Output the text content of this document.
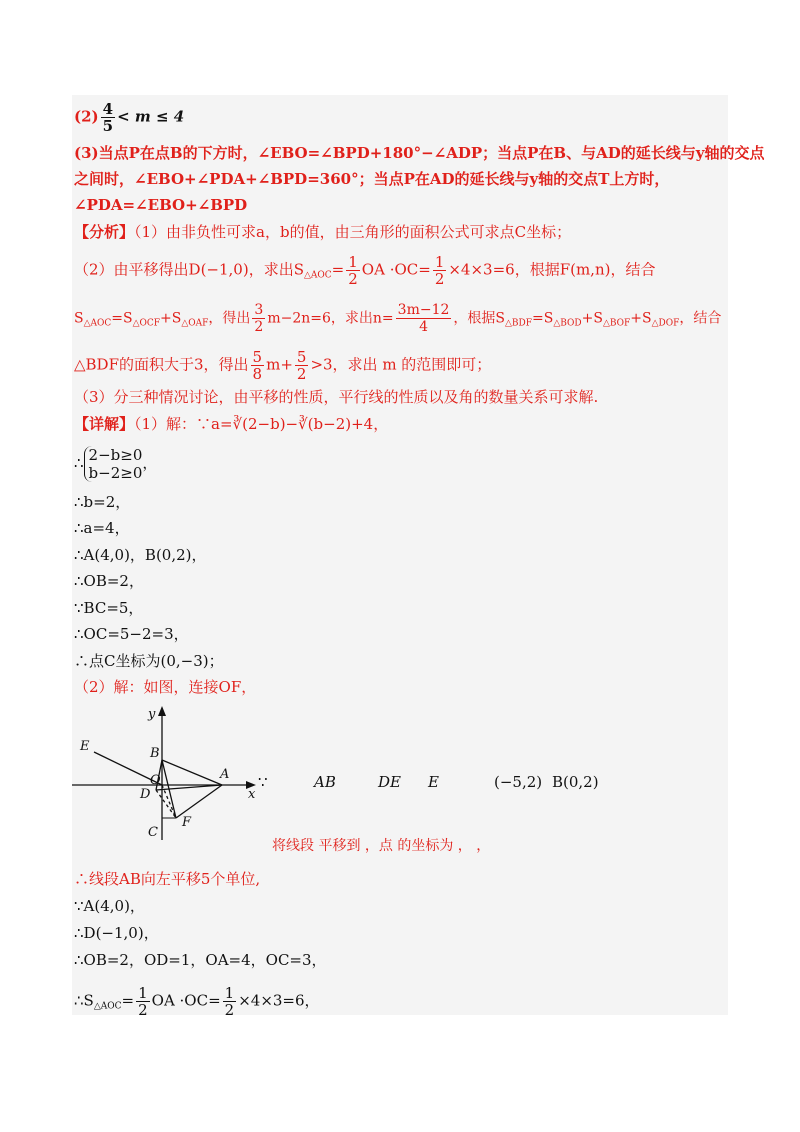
$(2) \frac{4}{5} < m \le 4$
(3)当点P在点B的下方时，∠EBO=∠BPD+180°−∠ADP；当点P在B、与AD的延长线与y轴的交点
之间时，∠EBO+∠PDA+∠BPD=360°；当点P在AD的延长线与y轴的交点T上方时，
∠PDA=∠EBO+∠BPD
【分析】（1）由非负性可求a，b的值，由三角形的面积公式可求点C坐标；
（2）由平移得出D(−1,0)，求出$S_{\triangle AOC}= \frac{1}{2}$ OA $\cdot OC= \frac{1}{2} \times 4\times 3=6$，根据F(m,n)，结合
$S_{\triangle AOC}=S_{\triangle OCF}+S_{\triangle OAF}$，得出 $\frac{3}{2} m-2n=6$，求出$n= \frac{3m-12}{4}$ ，根据$S_{\triangle BDF}=S_{\triangle BOD}+S_{\triangle BOF}+S_{\triangle DOF}$，结合
△BDF的面积大于3，得出 $\frac{5}{8} m+ \frac{5}{2} >3$，求出 m 的范围即可；
（3）分三种情况讨论，由平移的性质，平行线的性质以及角的数量关系可求解.
【详解】（1）解：∵a=∛(2−b)−∛(b−2)+4，
∴ 2−b≥0
b−2≥0
，
∴b=2，
∴a=4，
∴A(4,0)，B(0,2)，
∴OB=2，
∵BC=5，
∴OC=5−2=3，
∴点C坐标为(0,−3)；
（2）解：如图，连接OF，
y
x
E	B
O	A
D
C
F
∵	AB	DE E	(−5,2) B(0,2)
将线段 平移到 ，点 的坐标为 ， ，
∴线段AB向左平移5个单位,
∵A(4,0)，
∴D(−1,0)，
∴OB=2，OD=1，OA=4，OC=3，
$\therefore S_{\triangle AOC}= \frac{1}{2}$ OA $\cdot OC= \frac{1}{2} \times 4\times 3=6$，
